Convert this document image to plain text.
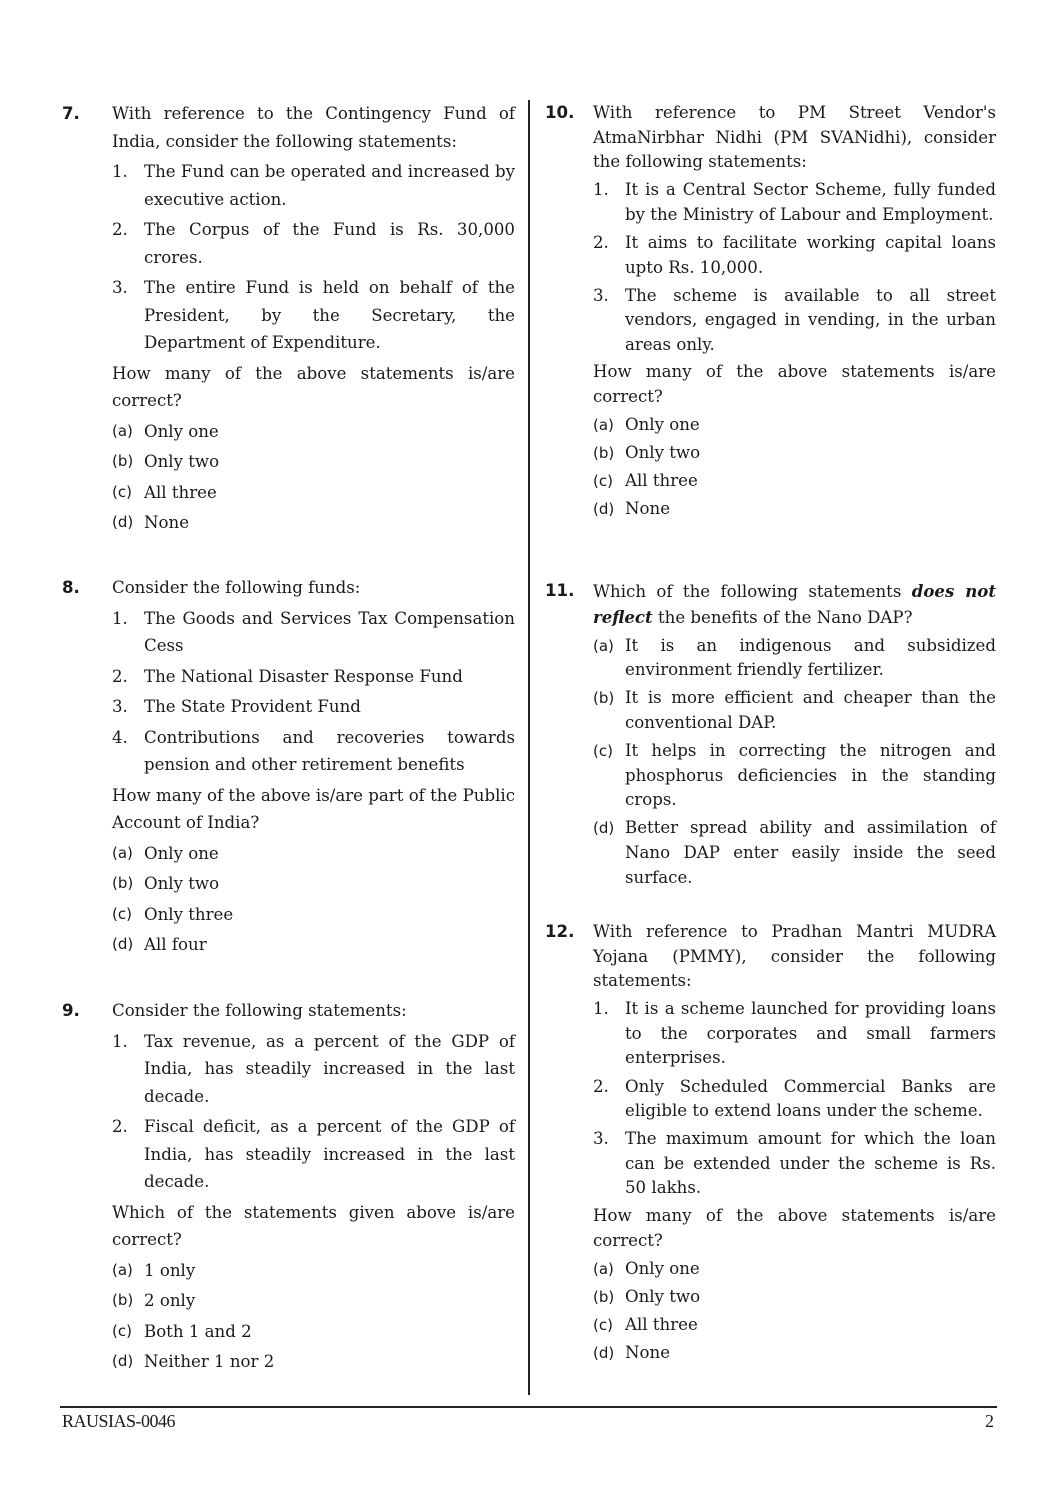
7. With reference to the Contingency Fund of India, consider the following statements:
1. The Fund can be operated and increased by executive action.
2. The Corpus of the Fund is Rs. 30,000 crores.
3. The entire Fund is held on behalf of the President, by the Secretary, the Department of Expenditure.
How many of the above statements is/are correct?
(a) Only one
(b) Only two
(c) All three
(d) None
8. Consider the following funds:
1. The Goods and Services Tax Compensation Cess
2. The National Disaster Response Fund
3. The State Provident Fund
4. Contributions and recoveries towards pension and other retirement benefits
How many of the above is/are part of the Public Account of India?
(a) Only one
(b) Only two
(c) Only three
(d) All four
9. Consider the following statements:
1. Tax revenue, as a percent of the GDP of India, has steadily increased in the last decade.
2. Fiscal deficit, as a percent of the GDP of India, has steadily increased in the last decade.
Which of the statements given above is/are correct?
(a) 1 only
(b) 2 only
(c) Both 1 and 2
(d) Neither 1 nor 2
10. With reference to PM Street Vendor's AtmaNirbhar Nidhi (PM SVANidhi), consider the following statements:
1. It is a Central Sector Scheme, fully funded by the Ministry of Labour and Employment.
2. It aims to facilitate working capital loans upto Rs. 10,000.
3. The scheme is available to all street vendors, engaged in vending, in the urban areas only.
How many of the above statements is/are correct?
(a) Only one
(b) Only two
(c) All three
(d) None
11. Which of the following statements does not reflect the benefits of the Nano DAP?
(a) It is an indigenous and subsidized environment friendly fertilizer.
(b) It is more efficient and cheaper than the conventional DAP.
(c) It helps in correcting the nitrogen and phosphorus deficiencies in the standing crops.
(d) Better spread ability and assimilation of Nano DAP enter easily inside the seed surface.
12. With reference to Pradhan Mantri MUDRA Yojana (PMMY), consider the following statements:
1. It is a scheme launched for providing loans to the corporates and small farmers enterprises.
2. Only Scheduled Commercial Banks are eligible to extend loans under the scheme.
3. The maximum amount for which the loan can be extended under the scheme is Rs. 50 lakhs.
How many of the above statements is/are correct?
(a) Only one
(b) Only two
(c) All three
(d) None
RAUSIAS-0046	2
